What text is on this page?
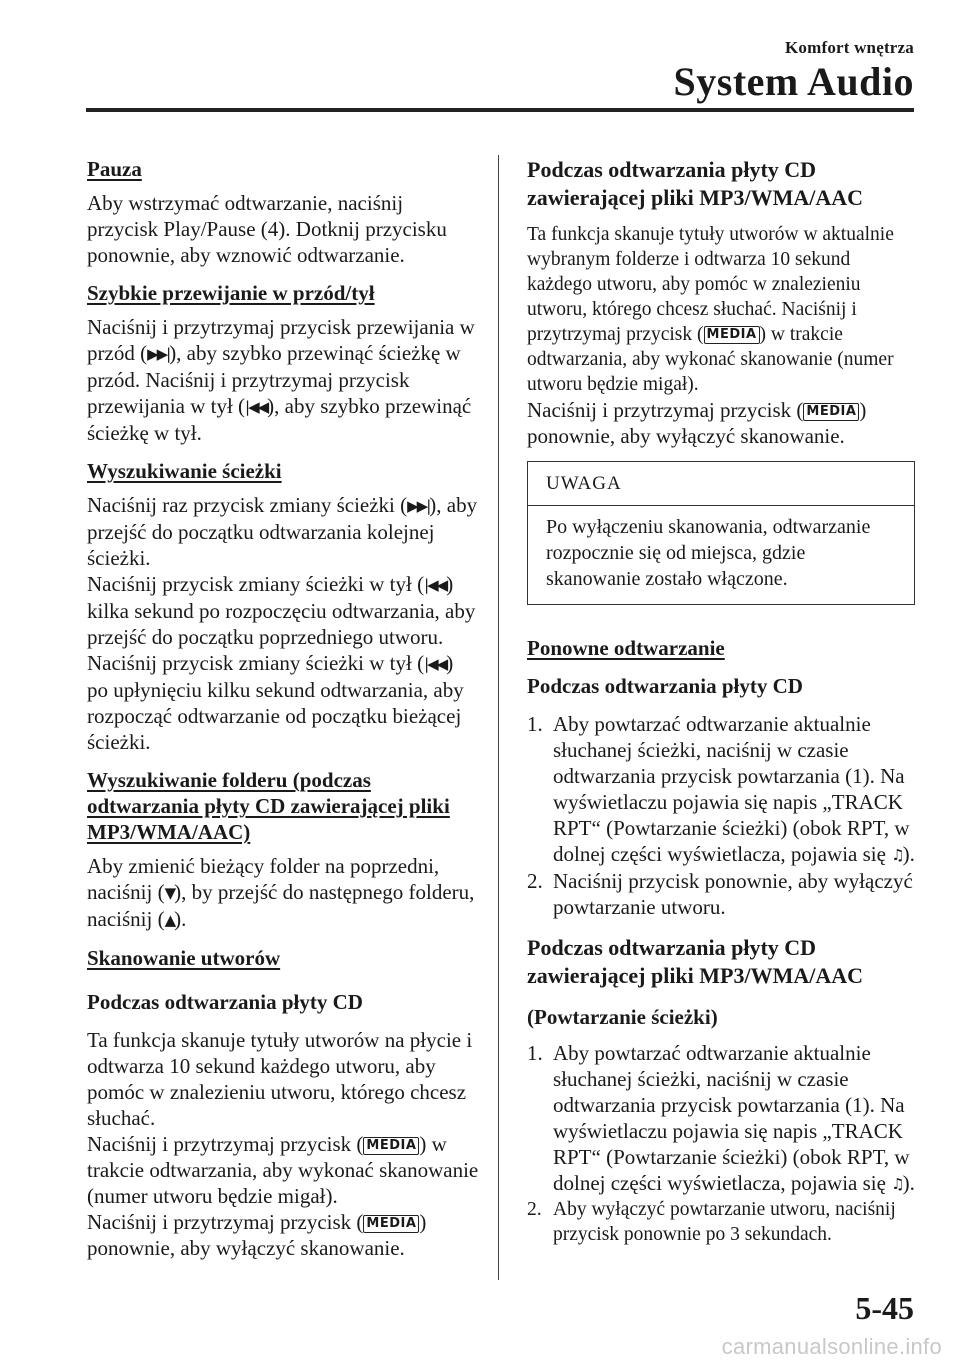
Komfort wnętrza
System Audio
Pauza

Aby wstrzymać odtwarzanie, naciśnij przycisk Play/Pause (4). Dotknij przycisku ponownie, aby wznowić odtwarzanie.

Szybkie przewijanie w przód/tył

Naciśnij i przytrzymaj przycisk przewijania w przód (▶▶|), aby szybko przewinąć ścieżkę w przód. Naciśnij i przytrzymaj przycisk przewijania w tył (|◀◀), aby szybko przewinąć ścieżkę w tył.

Wyszukiwanie ścieżki

Naciśnij raz przycisk zmiany ścieżki (▶▶|), aby przejść do początku odtwarzania kolejnej ścieżki.

Naciśnij przycisk zmiany ścieżki w tył (|◀◀) kilka sekund po rozpoczęciu odtwarzania, aby przejść do początku poprzedniego utworu.

Naciśnij przycisk zmiany ścieżki w tył (|◀◀) po upłynięciu kilku sekund odtwarzania, aby rozpocząć odtwarzanie od początku bieżącej ścieżki.

Wyszukiwanie folderu (podczas odtwarzania płyty CD zawierającej pliki MP3/WMA/AAC)

Aby zmienić bieżący folder na poprzedni, naciśnij (▼), by przejść do następnego folderu, naciśnij (▲).

Skanowanie utworów
Podczas odtwarzania płyty CD

Ta funkcja skanuje tytuły utworów na płycie i odtwarza 10 sekund każdego utworu, aby pomóc w znalezieniu utworu, którego chcesz słuchać.

Naciśnij i przytrzymaj przycisk ( MEDIA ) w trakcie odtwarzania, aby wykonać skanowanie (numer utworu będzie migał).

Naciśnij i przytrzymaj przycisk ( MEDIA ) ponownie, aby wyłączyć skanowanie.

Podczas odtwarzania płyty CD zawierającej pliki MP3/WMA/AAC

Ta funkcja skanuje tytuły utworów w aktualnie wybranym folderze i odtwarza 10 sekund każdego utworu, aby pomóc w znalezieniu utworu, którego chcesz słuchać. Naciśnij i przytrzymaj przycisk ( MEDIA ) w trakcie odtwarzania, aby wykonać skanowanie (numer utworu będzie migał).

Naciśnij i przytrzymaj przycisk ( MEDIA ) ponownie, aby wyłączyć skanowanie.

UWAGA
Po wyłączeniu skanowania, odtwarzanie rozpocznie się od miejsca, gdzie skanowanie zostało włączone.
Ponowne odtwarzanie
Podczas odtwarzania płyty CD
1. Aby powtarzać odtwarzanie aktualnie słuchanej ścieżki, naciśnij w czasie odtwarzania przycisk powtarzania (1). Na wyświetlaczu pojawia się napis „TRACK RPT“ (Powtarzanie ścieżki) (obok RPT, w dolnej części wyświetlacza, pojawia się ♫).
2. Naciśnij przycisk ponownie, aby wyłączyć powtarzanie utworu.
Podczas odtwarzania płyty CD zawierającej pliki MP3/WMA/AAC
(Powtarzanie ścieżki)
1. Aby powtarzać odtwarzanie aktualnie słuchanej ścieżki, naciśnij w czasie odtwarzania przycisk powtarzania (1). Na wyświetlaczu pojawia się napis „TRACK RPT“ (Powtarzanie ścieżki) (obok RPT, w dolnej części wyświetlacza, pojawia się ♫).
2. Aby wyłączyć powtarzanie utworu, naciśnij przycisk ponownie po 3 sekundach.
5-45
carmanualsonline.info
